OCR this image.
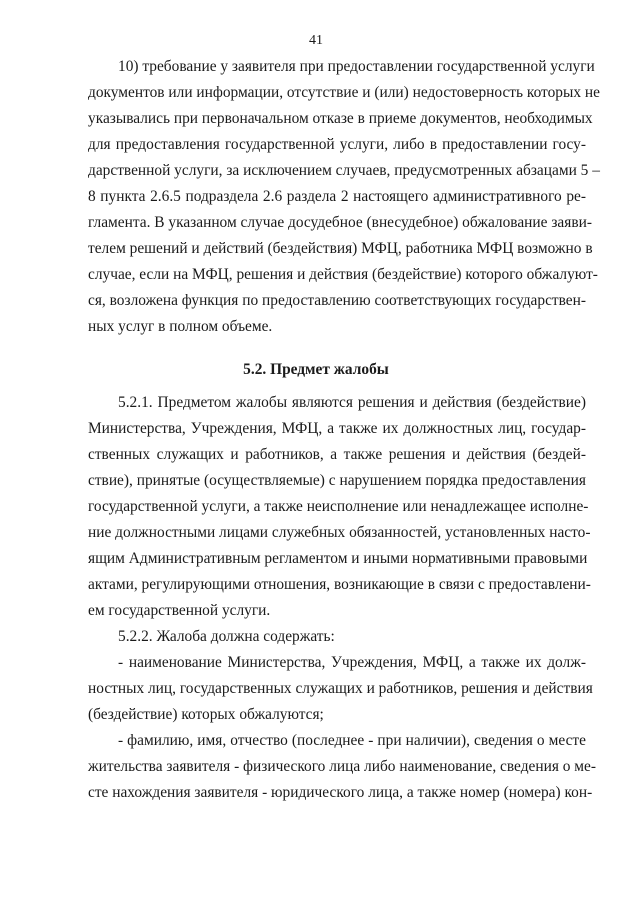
41
10) требование у заявителя при предоставлении государственной услуги
документов или информации, отсутствие и (или) недостоверность которых не
указывались при первоначальном отказе в приеме документов, необходимых
для предоставления государственной услуги, либо в предоставлении госу-
дарственной услуги, за исключением случаев, предусмотренных абзацами 5 –
8 пункта 2.6.5 подраздела 2.6 раздела 2 настоящего административного ре-
гламента. В указанном случае досудебное (внесудебное) обжалование заяви-
телем решений и действий (бездействия) МФЦ, работника МФЦ возможно в
случае, если на МФЦ, решения и действия (бездействие) которого обжалуют-
ся, возложена функция по предоставлению соответствующих государствен-
ных услуг в полном объеме.
5.2. Предмет жалобы
5.2.1. Предметом жалобы являются решения и действия (бездействие)
Министерства, Учреждения, МФЦ, а также их должностных лиц, государ-
ственных служащих и работников, а также решения и действия (бездей-
ствие), принятые (осуществляемые) с нарушением порядка предоставления
государственной услуги, а также неисполнение или ненадлежащее исполне-
ние должностными лицами служебных обязанностей, установленных насто-
ящим Административным регламентом и иными нормативными правовыми
актами, регулирующими отношения, возникающие в связи с предоставлени-
ем государственной услуги.
5.2.2. Жалоба должна содержать:
- наименование Министерства, Учреждения, МФЦ, а также их долж-
ностных лиц, государственных служащих и работников, решения и действия
(бездействие) которых обжалуются;
- фамилию, имя, отчество (последнее - при наличии), сведения о месте
жительства заявителя - физического лица либо наименование, сведения о ме-
сте нахождения заявителя - юридического лица, а также номер (номера) кон-
